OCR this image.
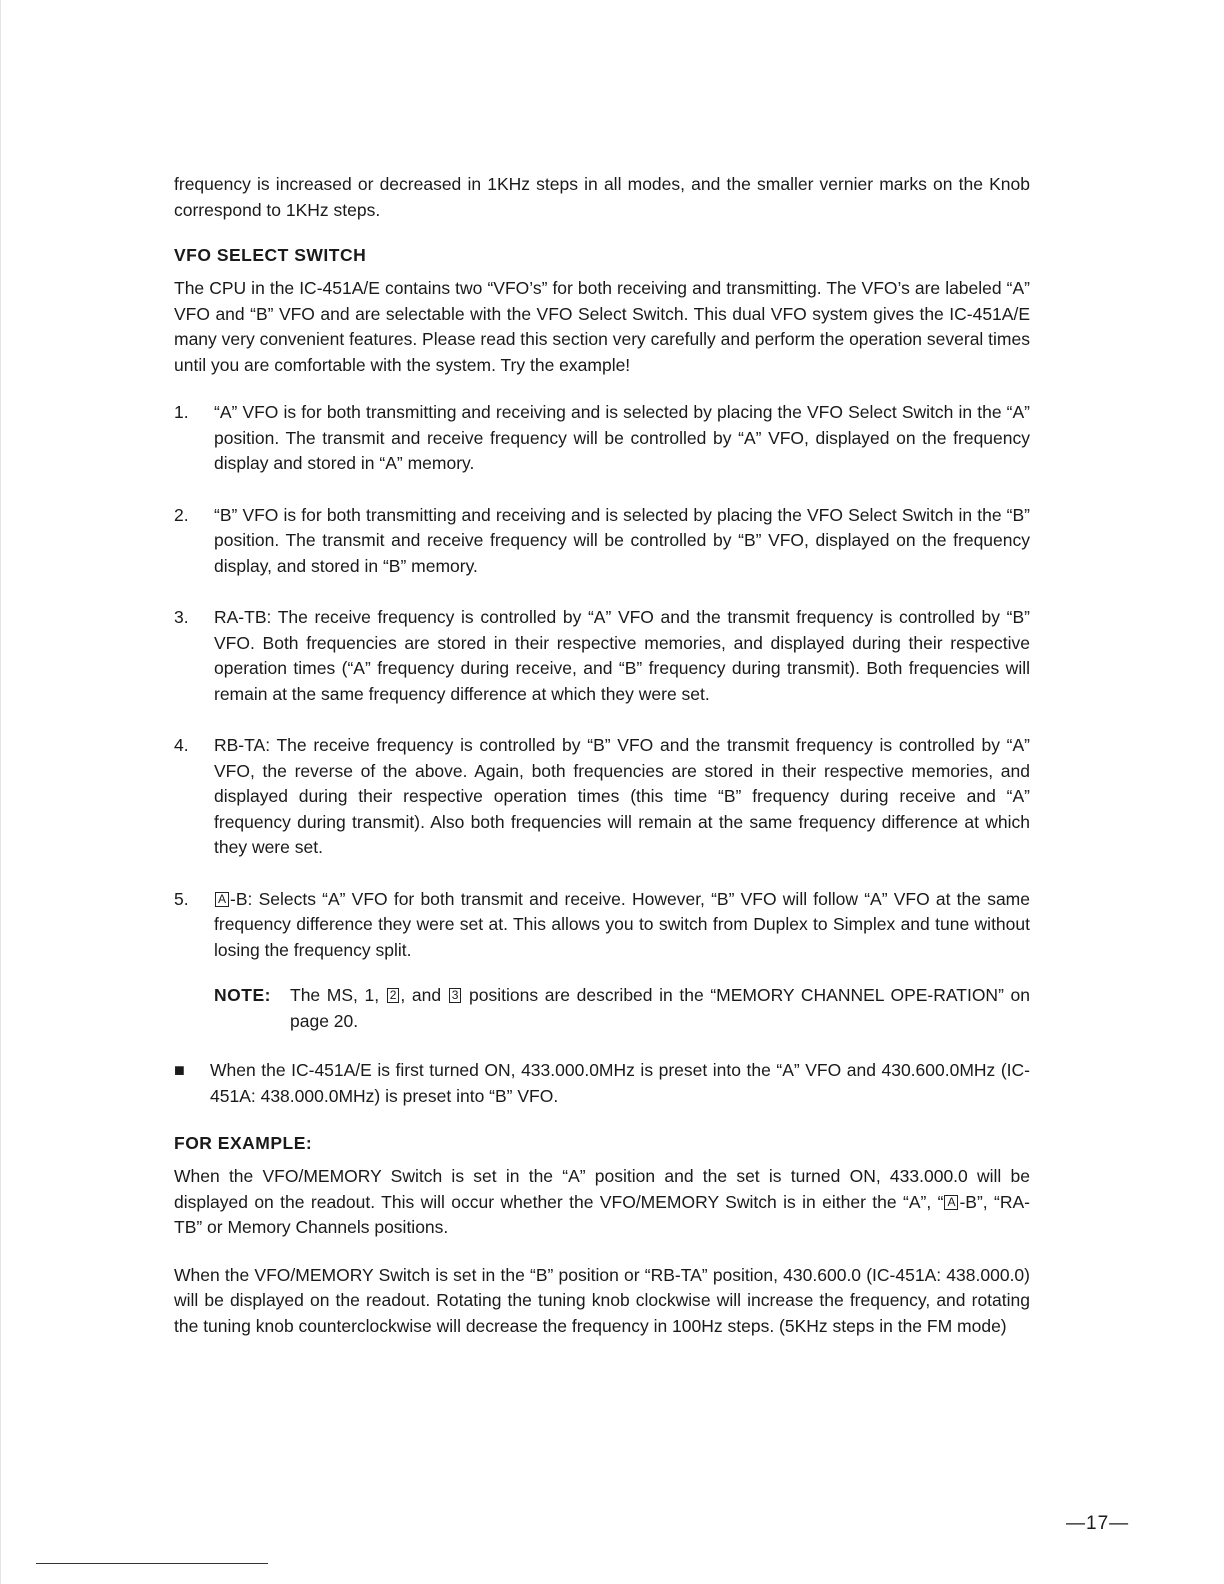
frequency is increased or decreased in 1KHz steps in all modes, and the smaller vernier marks on the Knob correspond to 1KHz steps.

VFO SELECT SWITCH

The CPU in the IC-451A/E contains two “VFO’s” for both receiving and transmitting. The VFO’s are labeled “A” VFO and “B” VFO and are selectable with the VFO Select Switch. This dual VFO system gives the IC-451A/E many very convenient features. Please read this section very carefully and perform the operation several times until you are comfortable with the system. Try the example!

1.	“A” VFO is for both transmitting and receiving and is selected by placing the VFO Select Switch in the “A” position. The transmit and receive frequency will be controlled by “A” VFO, displayed on the frequency display and stored in “A” memory.
2.	“B” VFO is for both transmitting and receiving and is selected by placing the VFO Select Switch in the “B” position. The transmit and receive frequency will be controlled by “B” VFO, displayed on the frequency display, and stored in “B” memory.
3.	RA-TB: The receive frequency is controlled by “A” VFO and the transmit frequency is controlled by “B” VFO. Both frequencies are stored in their respective memories, and displayed during their respective operation times (“A” frequency during receive, and “B” frequency during transmit). Both frequencies will remain at the same frequency difference at which they were set.
4.	RB-TA: The receive frequency is controlled by “B” VFO and the transmit frequency is controlled by “A” VFO, the reverse of the above. Again, both frequencies are stored in their respective memories, and displayed during their respective operation times (this time “B” frequency during receive and “A” frequency during transmit). Also both frequencies will remain at the same frequency difference at which they were set.
5.	A -B: Selects “A” VFO for both transmit and receive. However, “B” VFO will follow “A” VFO at the same frequency difference they were set at. This allows you to switch from Duplex to Simplex and tune without losing the frequency split.
NOTE:	The MS, 1, 2 , and 3 positions are described in the “MEMORY CHANNEL OPE-RATION” on page 20.
■	When the IC-451A/E is first turned ON, 433.000.0MHz is preset into the “A” VFO and 430.600.0MHz (IC-451A: 438.000.0MHz) is preset into “B” VFO.
FOR EXAMPLE:

When the VFO/MEMORY Switch is set in the “A” position and the set is turned ON, 433.000.0 will be displayed on the readout. This will occur whether the VFO/MEMORY Switch is in either the “A”, “ A -B”, “RA-TB” or Memory Channels positions.

When the VFO/MEMORY Switch is set in the “B” position or “RB-TA” position, 430.600.0 (IC-451A: 438.000.0) will be displayed on the readout. Rotating the tuning knob clockwise will increase the frequency, and rotating the tuning knob counterclockwise will decrease the frequency in 100Hz steps. (5KHz steps in the FM mode)

—17—
